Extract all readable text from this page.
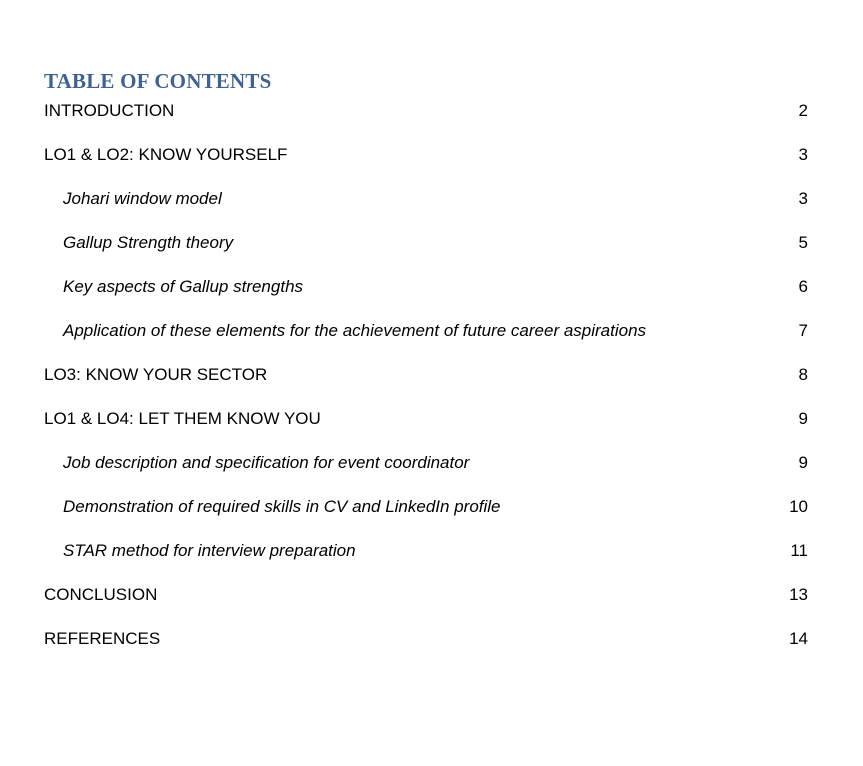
TABLE OF CONTENTS
INTRODUCTION	2
LO1 & LO2: KNOW YOURSELF	3
Johari window model	3
Gallup Strength theory	5
Key aspects of Gallup strengths	6
Application of these elements for the achievement of future career aspirations	7
LO3: KNOW YOUR SECTOR	8
LO1 & LO4: LET THEM KNOW YOU	9
Job description and specification for event coordinator	9
Demonstration of required skills in CV and LinkedIn profile	10
STAR method for interview preparation	11
CONCLUSION	13
REFERENCES	14
